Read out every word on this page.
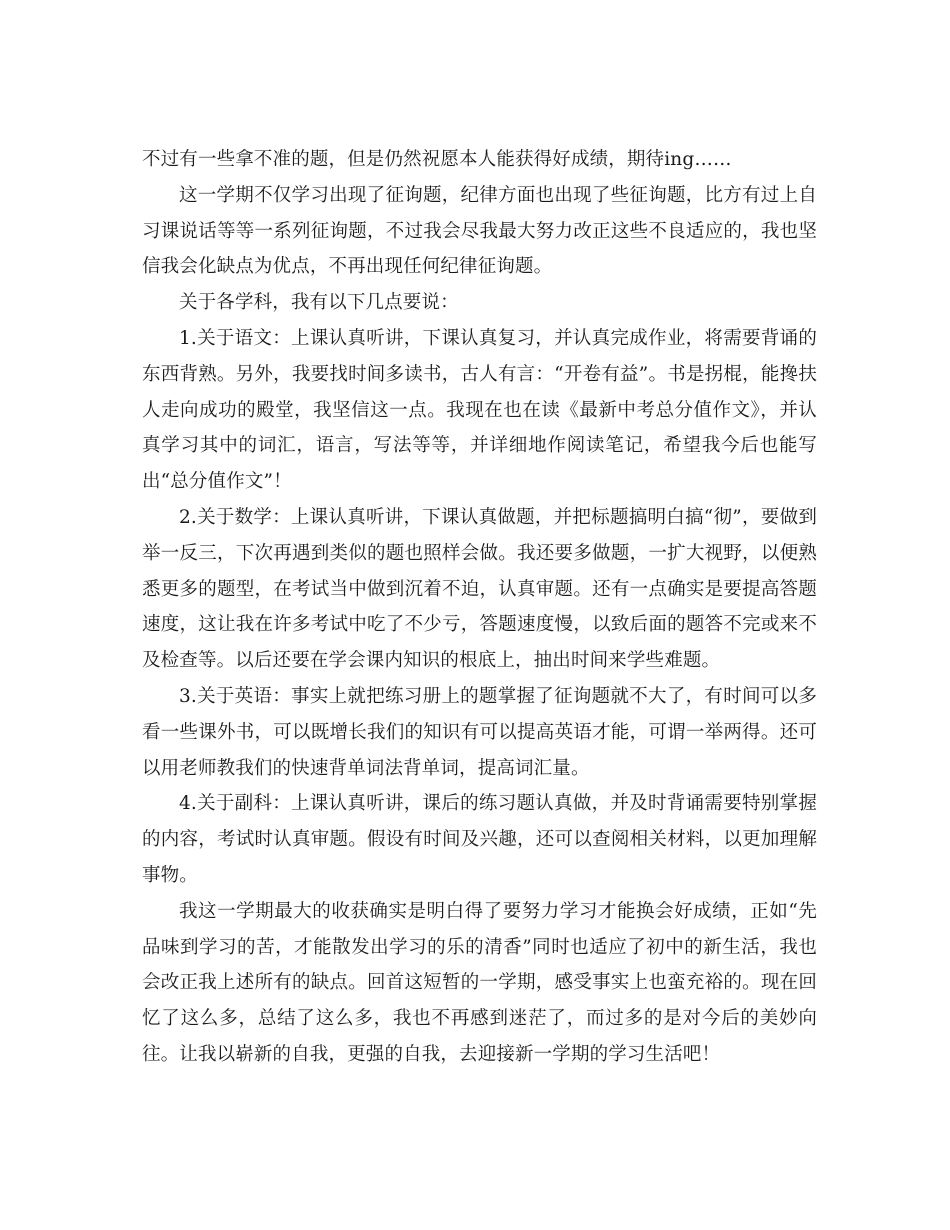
不过有一些拿不准的题，但是仍然祝愿本人能获得好成绩，期待ing……

这一学期不仅学习出现了征询题，纪律方面也出现了些征询题，比方有过上自习课说话等等一系列征询题，不过我会尽我最大努力改正这些不良适应的，我也坚信我会化缺点为优点，不再出现任何纪律征询题。

关于各学科，我有以下几点要说：

1.关于语文：上课认真听讲，下课认真复习，并认真完成作业，将需要背诵的东西背熟。另外，我要找时间多读书，古人有言：“开卷有益”。书是拐棍，能搀扶人走向成功的殿堂，我坚信这一点。我现在也在读《最新中考总分值作文》，并认真学习其中的词汇，语言，写法等等，并详细地作阅读笔记，希望我今后也能写出“总分值作文”！

2.关于数学：上课认真听讲，下课认真做题，并把标题搞明白搞“彻”，要做到举一反三，下次再遇到类似的题也照样会做。我还要多做题，一扩大视野，以便熟悉更多的题型，在考试当中做到沉着不迫，认真审题。还有一点确实是要提高答题速度，这让我在许多考试中吃了不少亏，答题速度慢，以致后面的题答不完或来不及检查等。以后还要在学会课内知识的根底上，抽出时间来学些难题。

3.关于英语：事实上就把练习册上的题掌握了征询题就不大了，有时间可以多看一些课外书，可以既增长我们的知识有可以提高英语才能，可谓一举两得。还可以用老师教我们的快速背单词法背单词，提高词汇量。

4.关于副科：上课认真听讲，课后的练习题认真做，并及时背诵需要特别掌握的内容，考试时认真审题。假设有时间及兴趣，还可以查阅相关材料，以更加理解事物。

我这一学期最大的收获确实是明白得了要努力学习才能换会好成绩，正如“先品味到学习的苦，才能散发出学习的乐的清香”同时也适应了初中的新生活，我也会改正我上述所有的缺点。回首这短暂的一学期，感受事实上也蛮充裕的。现在回忆了这么多，总结了这么多，我也不再感到迷茫了，而过多的是对今后的美妙向往。让我以崭新的自我，更强的自我，去迎接新一学期的学习生活吧！
